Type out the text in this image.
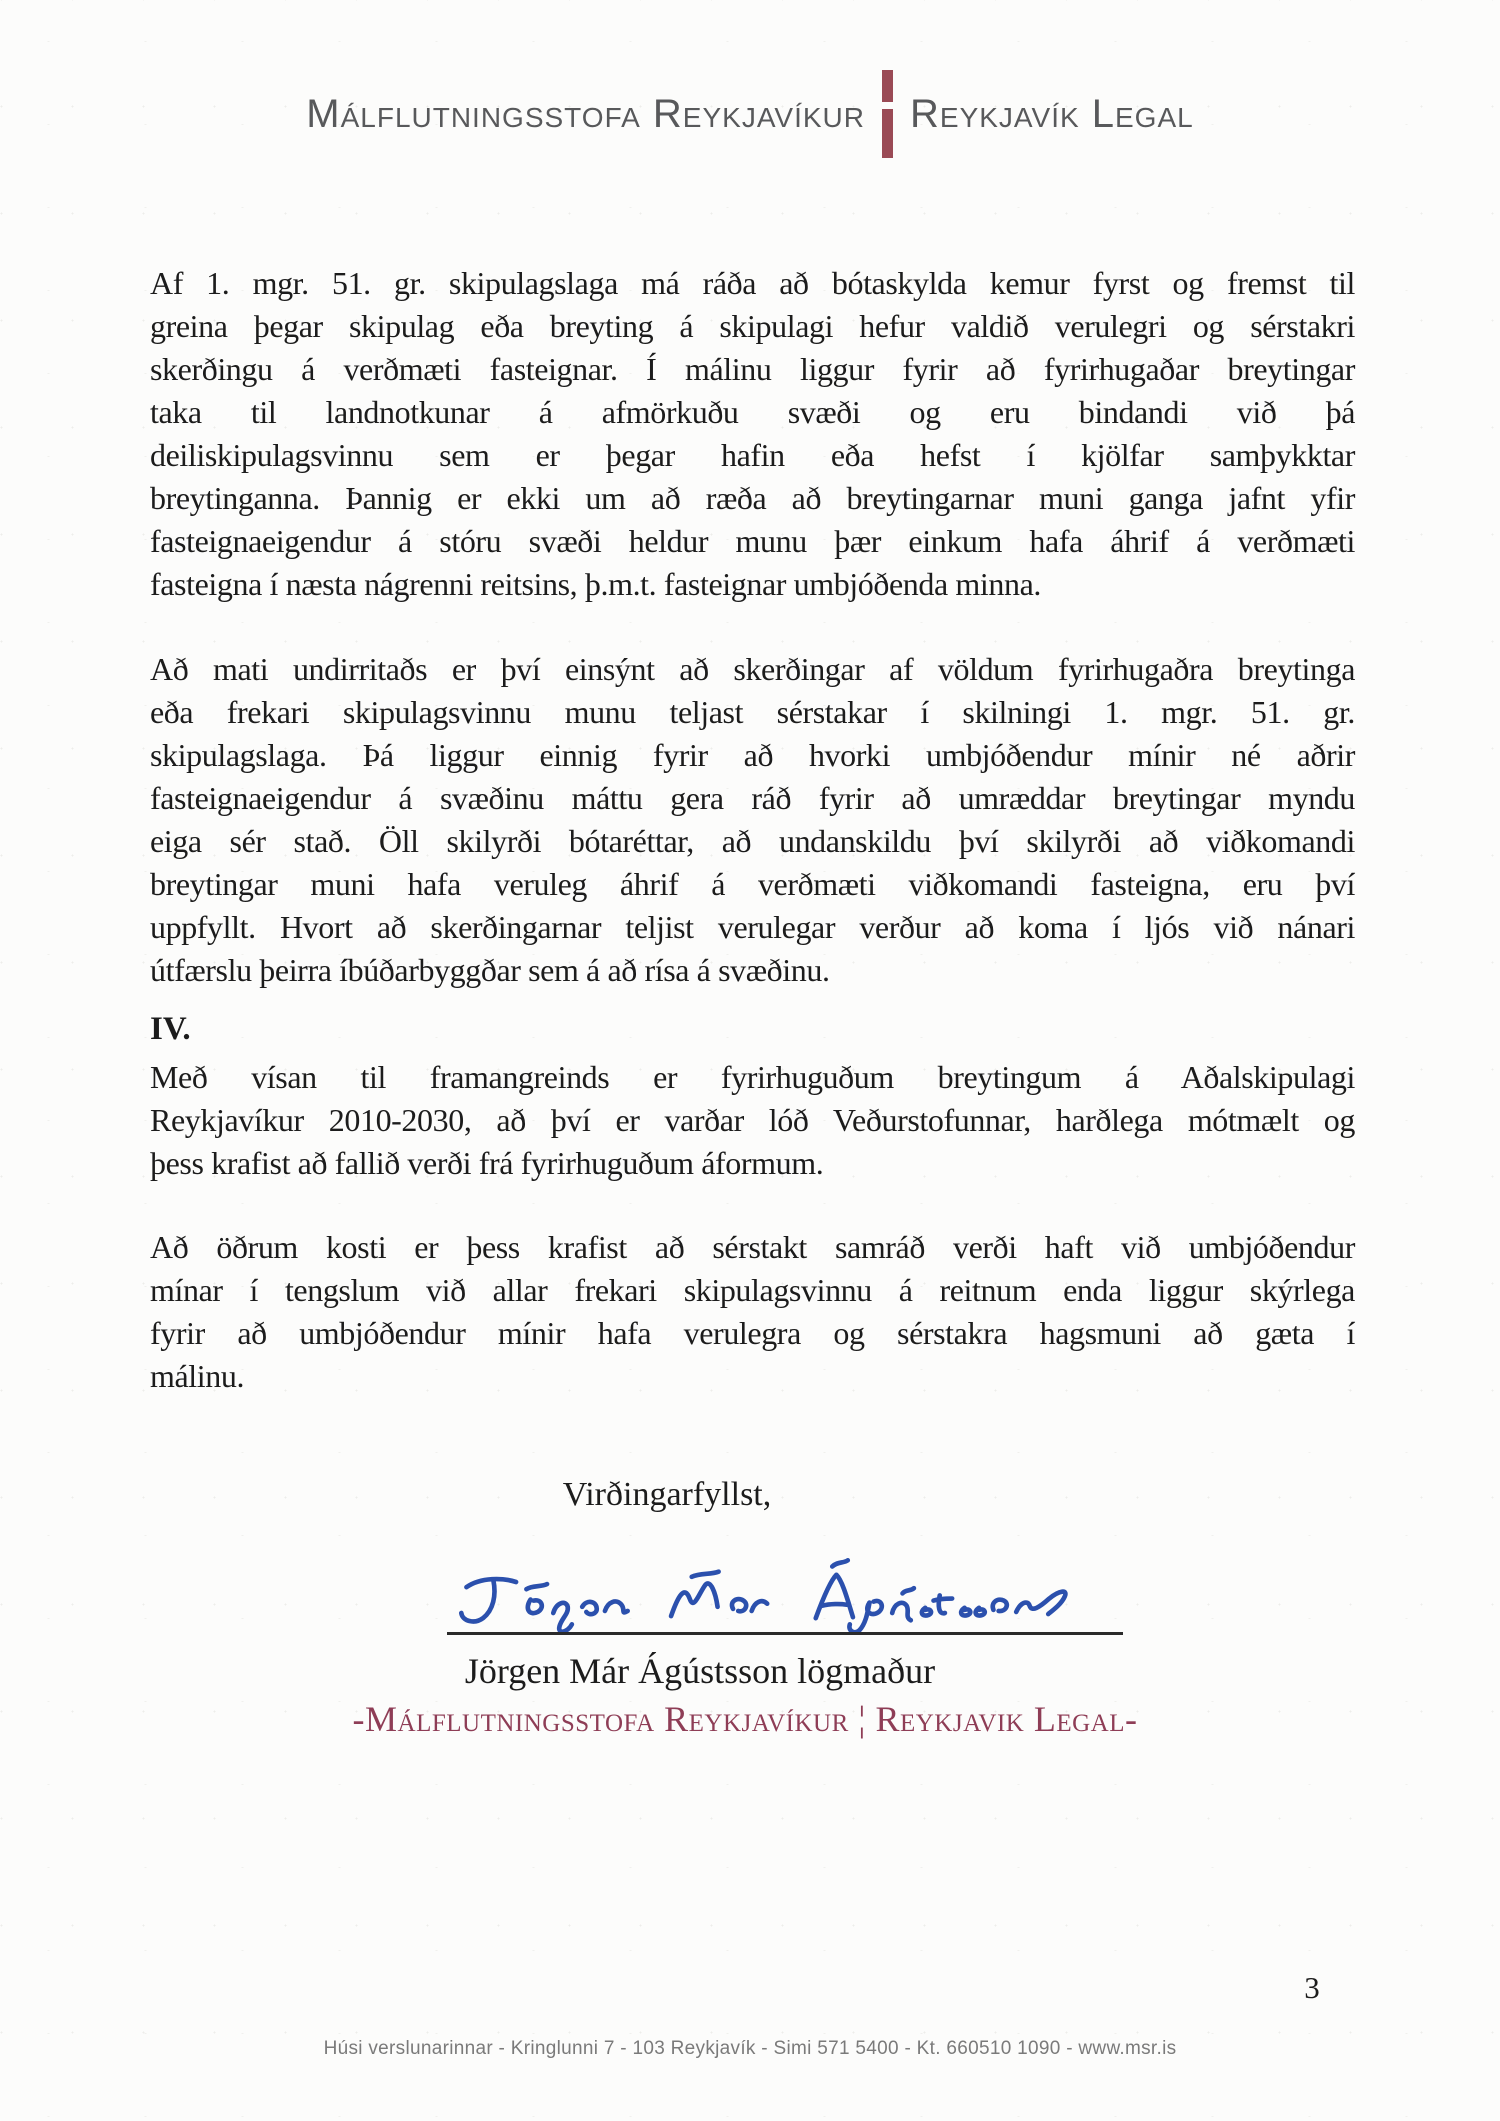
Málflutningsstofa Reykjavíkur Reykjavík Legal
Af 1. mgr. 51. gr. skipulagslaga má ráða að bótaskylda kemur fyrst og fremst til
greina þegar skipulag eða breyting á skipulagi hefur valdið verulegri og sérstakri
skerðingu á verðmæti fasteignar. Í málinu liggur fyrir að fyrirhugaðar breytingar
taka til landnotkunar á afmörkuðu svæði og eru bindandi við þá
deiliskipulagsvinnu sem er þegar hafin eða hefst í kjölfar samþykktar
breytinganna. Þannig er ekki um að ræða að breytingarnar muni ganga jafnt yfir
fasteignaeigendur á stóru svæði heldur munu þær einkum hafa áhrif á verðmæti
fasteigna í næsta nágrenni reitsins, þ.m.t. fasteignar umbjóðenda minna.
Að mati undirritaðs er því einsýnt að skerðingar af völdum fyrirhugaðra breytinga
eða frekari skipulagsvinnu munu teljast sérstakar í skilningi 1. mgr. 51. gr.
skipulagslaga. Þá liggur einnig fyrir að hvorki umbjóðendur mínir né aðrir
fasteignaeigendur á svæðinu máttu gera ráð fyrir að umræddar breytingar myndu
eiga sér stað. Öll skilyrði bótaréttar, að undanskildu því skilyrði að viðkomandi
breytingar muni hafa veruleg áhrif á verðmæti viðkomandi fasteigna, eru því
uppfyllt. Hvort að skerðingarnar teljist verulegar verður að koma í ljós við nánari
útfærslu þeirra íbúðarbyggðar sem á að rísa á svæðinu.
IV.
Með vísan til framangreinds er fyrirhuguðum breytingum á Aðalskipulagi
Reykjavíkur 2010-2030, að því er varðar lóð Veðurstofunnar, harðlega mótmælt og
þess krafist að fallið verði frá fyrirhuguðum áformum.
Að öðrum kosti er þess krafist að sérstakt samráð verði haft við umbjóðendur
mínar í tengslum við allar frekari skipulagsvinnu á reitnum enda liggur skýrlega
fyrir að umbjóðendur mínir hafa verulegra og sérstakra hagsmuni að gæta í
málinu.
Virðingarfyllst,
Jörgen Már Ágústsson lögmaður
-Málflutningsstofa Reykjavíkur ¦ Reykjavik Legal-
3
Húsi verslunarinnar - Kringlunni 7 - 103 Reykjavík - Simi 571 5400 - Kt. 660510 1090 - www.msr.is
